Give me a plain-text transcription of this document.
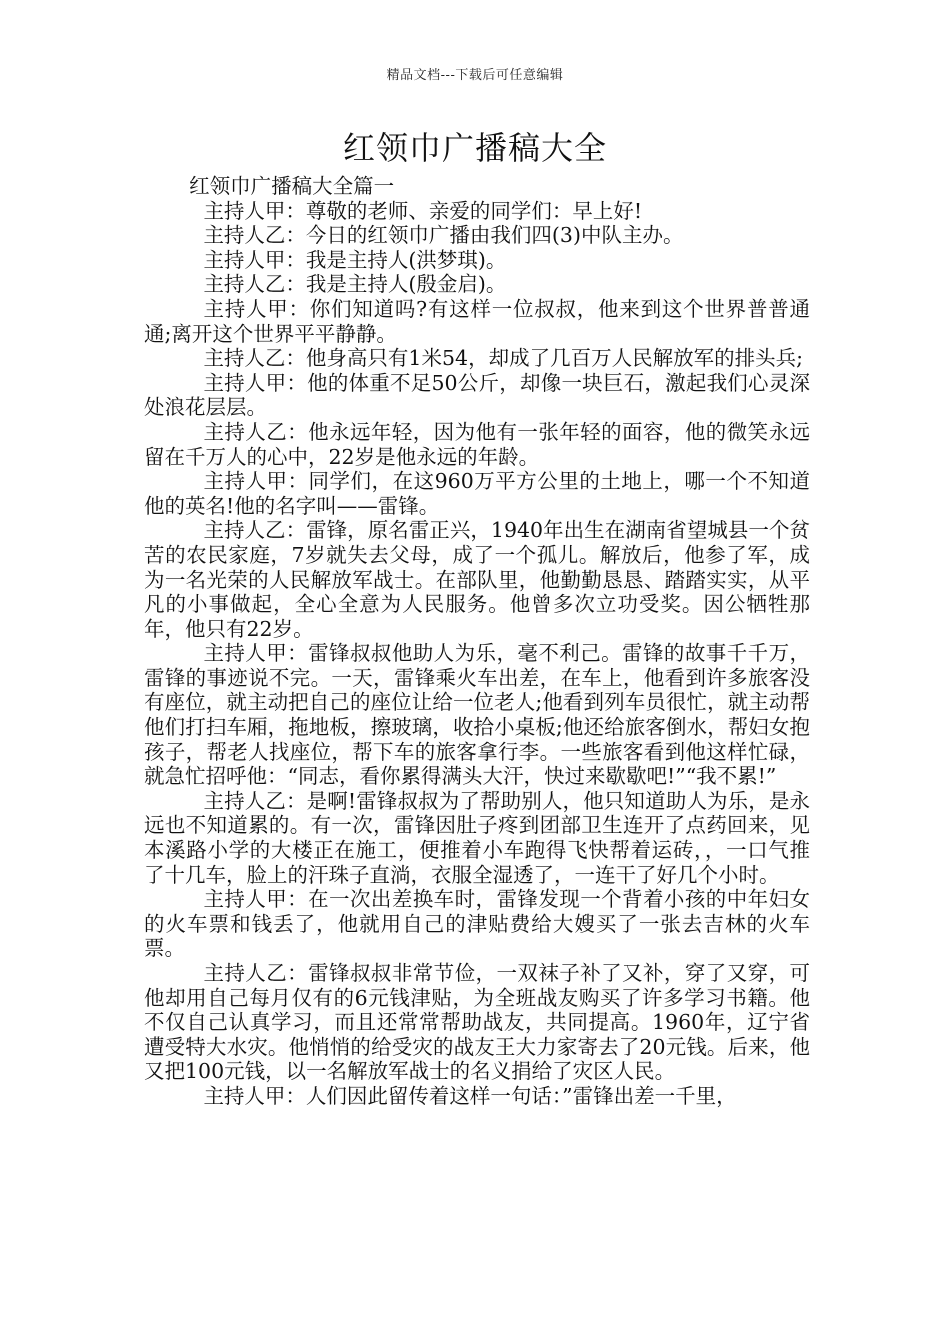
精品文档---下载后可任意编辑
红领巾广播稿大全

红领巾广播稿大全篇一

主持人甲：尊敬的老师、亲爱的同学们：早上好!

主持人乙：今日的红领巾广播由我们四(3)中队主办。

主持人甲：我是主持人(洪梦琪)。

主持人乙：我是主持人(殷金启)。

主持人甲：你们知道吗?有这样一位叔叔，他来到这个世界普普通通;离开这个世界平平静静。

主持人乙：他身高只有1米54，却成了几百万人民解放军的排头兵;

主持人甲：他的体重不足50公斤，却像一块巨石，激起我们心灵深处浪花层层。

主持人乙：他永远年轻，因为他有一张年轻的面容，他的微笑永远留在千万人的心中，22岁是他永远的年龄。

主持人甲：同学们，在这960万平方公里的土地上，哪一个不知道他的英名!他的名字叫——雷锋。

主持人乙：雷锋，原名雷正兴，1940年出生在湖南省望城县一个贫苦的农民家庭，7岁就失去父母，成了一个孤儿。解放后，他参了军，成为一名光荣的人民解放军战士。在部队里，他勤勤恳恳、踏踏实实，从平凡的小事做起，全心全意为人民服务。他曾多次立功受奖。因公牺牲那年，他只有22岁。

主持人甲：雷锋叔叔他助人为乐，毫不利己。雷锋的故事千千万，雷锋的事迹说不完。一天，雷锋乘火车出差，在车上，他看到许多旅客没有座位，就主动把自己的座位让给一位老人;他看到列车员很忙，就主动帮他们打扫车厢，拖地板，擦玻璃，收拾小桌板;他还给旅客倒水，帮妇女抱孩子，帮老人找座位，帮下车的旅客拿行李。一些旅客看到他这样忙碌，就急忙招呼他：“同志，看你累得满头大汗，快过来歇歇吧!”“我不累!”

主持人乙：是啊!雷锋叔叔为了帮助别人，他只知道助人为乐，是永远也不知道累的。有一次，雷锋因肚子疼到团部卫生连开了点药回来，见本溪路小学的大楼正在施工，便推着小车跑得飞快帮着运砖，，一口气推了十几车，脸上的汗珠子直淌，衣服全湿透了，一连干了好几个小时。

主持人甲：在一次出差换车时，雷锋发现一个背着小孩的中年妇女的火车票和钱丢了，他就用自己的津贴费给大嫂买了一张去吉林的火车票。

主持人乙：雷锋叔叔非常节俭，一双袜子补了又补，穿了又穿，可他却用自己每月仅有的6元钱津贴，为全班战友购买了许多学习书籍。他不仅自己认真学习，而且还常常帮助战友，共同提高。1960年，辽宁省遭受特大水灾。他悄悄的给受灾的战友王大力家寄去了20元钱。后来，他又把100元钱，以一名解放军战士的名义捐给了灾区人民。

主持人甲：人们因此留传着这样一句话：”雷锋出差一千里，
